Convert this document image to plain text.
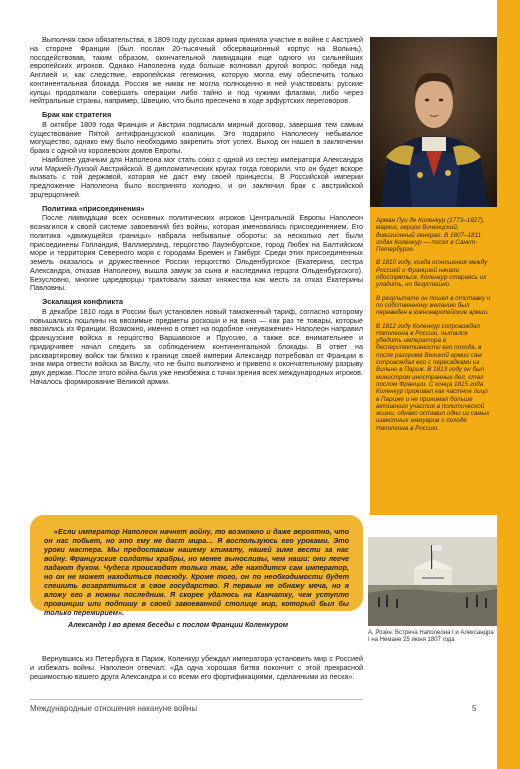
Выполняя свои обязательства, в 1809 году русская армия приняла участие в войне с Австрией на стороне Франции (был послан 20-тысячный обсервационный корпус на Волынь), посодействовав, таким образом, окончательной ликвидации еще одного из сильнейших европейских игроков. Однако Наполеона куда больше волновал другой вопрос: победа над Англией и, как следствие, европейская гегемония, которую могла ему обеспечить только континентальная блокада. Россия же никак не могла полноценно в ней участвовать: русские купцы продолжали совершать операции либо тайно и под чужими флагами, либо через нейтральные страны, например, Швецию, что было пресечено в ходе эрфуртских переговоров.

Брак как стратегия

В октябре 1809 года Франция и Австрия подписали мирный договор, завершив тем самым существование Пятой антифранцузской коалиции. Это подарило Наполеону небывалое могущество, однако ему было необходимо закрепить этот успех. Выход он нашел в заключении брака с одной из королевских домов Европы.

Наиболее удачным для Наполеона мог стать союз с одной из сестер императора Александра или Марией-Луизой Австрийской. В дипломатических кругах тогда говорили, что он будет вскоре вызвать с той державой, которая не даст ему своей принцессы. В Российской империи предложение Наполеона было воспринято холодно, и он заключил брак с австрийской эрцгерцогиней.

Политика «присоединения»

После ликвидации всех основных политических игроков Центральной Европы Наполеон вознагился к своей системе завоеваний без войны, которая именовалась присоединением. Его политика «движущейся границы» набрала небывалые обороты: за несколько лет были присоединены Голландия, Валлиерланд, герцогство Лауэнбургское, город Любек на Балтийском море и территория Северного моря с городами Бремен и Гамбург. Среди этих присоединенных земель оказалось и дружественное России герцогство Ольденбургское (Екатерина, сестра Александра, отказав Наполеону, вышла замуж за сына и наследника герцога Ольденбургского). Безусловно, многие царедворцы трактовали захват княжества как месть за отказ Екатерины Павловны.

Эскалация конфликта

В декабре 1810 года в России был установлен новый таможенный тариф, согласно которому повышались пошлины на ввозимые предметы роскоши и на вина — как раз те товары, которые ввозились из Франции. Возможно, именно в ответ на подобное «неуважение» Наполеон направил французские войска в герцогство Варшавское и Пруссию, а также все внимательнее и придирчивее начал следить за соблюдением континентальной блокады. В ответ на расквартировку войск так близко к границе своей империи Александр потребовал от Франции в знак мира отвести войска за Вислу, что не было выполнено и привело к окончательному разрыву двух держав. После этого война была уже неизбежна с точки зрения всех международных игроков. Началось формирование Великой армии.

«Если император Наполеон начнет войну, то возможно и даже вероятно, что он нас побьет, но это ему не даст мира… Я воспользуюсь его уроками. Это уроки мастера. Мы предоставим нашему климату, нашей зиме вести за нас войну. Французские солдаты храбры, но менее выносливы, чем наши: они легче падают духом. Чудеса происходят только там, где находится сам император, но он не может находиться повсюду. Кроме того, он по необходимости будет спешить возвратиться в свое государство. Я первым не обнажу меча, но я вложу его в ножны последним. Я скорее удалюсь на Камчатку, чем уступлю провинции или подпишу в своей завоеванной столице мир, который был бы только перемирием».

Александр I во время беседы с послом Франции Коленкуром

Вернувшись из Петербурга в Париж, Коленкур убеждал императора установить мир с Россией и избежать войны. Наполеон отвечал: «Да одна хорошая битва покончит с этой прекрасной решимостью вашего друга Александра и со всеми его фортификациями, сделанными из песка».

Международные отношения накануне войны	5

Арман Луи де Коленкур (1773–1827), маркиз, герцог Виченцский, дивизионный генерал. В 1807–1811 годах Коленкур — посол в Санкт-Петербурге.

В 1810 году, когда отношения между Россией и Францией начали обостряться, Коленкур стараясь их уладить, но безуспешно.

В результате он пошел в отставку и по собственному желанию был переведен в южноевропейские армии.

В 1812 году Коленкур сопровождал Наполеона в Россию, пытался убедить императора в бесперспективности его похода, в после разгрома Великой армии сам сопровождал его с пересадками из Вильно в Париж. В 1813 году он был министром иностранных дел, стал послом Франции. С конца 1815 года Коленкур проживал как частное лицо в Париже и не принимал больше активного участия в политической жизни, однако оставил одни из самых известных мемуаров о походе Наполеона в Россию.

А. Розен. Встреча Наполеона I и Александра I на Немане 25 июня 1807 года
